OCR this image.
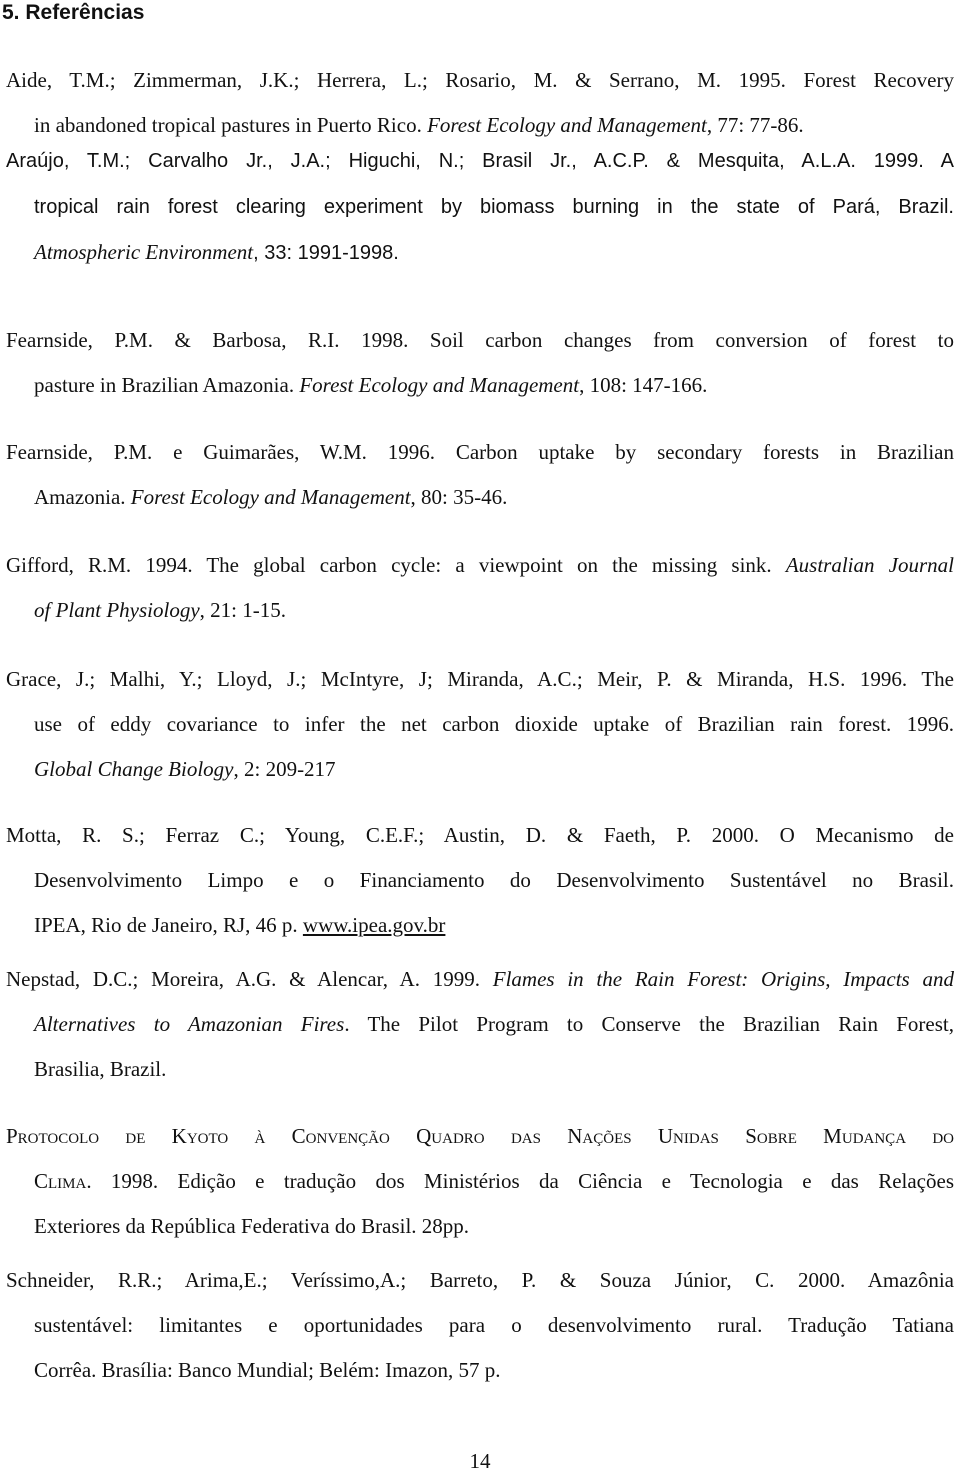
5. Referências
Aide, T.M.; Zimmerman, J.K.; Herrera, L.; Rosario, M. & Serrano, M. 1995. Forest Recovery
in abandoned tropical pastures in Puerto Rico. Forest Ecology and Management, 77: 77-86.
Araújo, T.M.; Carvalho Jr., J.A.; Higuchi, N.; Brasil Jr., A.C.P. & Mesquita, A.L.A. 1999. A
tropical rain forest clearing experiment by biomass burning in the state of Pará, Brazil.
Atmospheric Environment, 33: 1991-1998.
Fearnside, P.M. & Barbosa, R.I. 1998. Soil carbon changes from conversion of forest to
pasture in Brazilian Amazonia. Forest Ecology and Management, 108: 147-166.
Fearnside, P.M. e Guimarães, W.M. 1996. Carbon uptake by secondary forests in Brazilian
Amazonia. Forest Ecology and Management, 80: 35-46.
Gifford, R.M. 1994. The global carbon cycle: a viewpoint on the missing sink. Australian Journal
of Plant Physiology, 21: 1-15.
Grace, J.; Malhi, Y.; Lloyd, J.; McIntyre, J; Miranda, A.C.; Meir, P. & Miranda, H.S. 1996. The
use of eddy covariance to infer the net carbon dioxide uptake of Brazilian rain forest. 1996.
Global Change Biology, 2: 209-217
Motta, R. S.; Ferraz C.; Young, C.E.F.; Austin, D. & Faeth, P. 2000. O Mecanismo de
Desenvolvimento Limpo e o Financiamento do Desenvolvimento Sustentável no Brasil.
IPEA, Rio de Janeiro, RJ, 46 p. www.ipea.gov.br
Nepstad, D.C.; Moreira, A.G. & Alencar, A. 1999. Flames in the Rain Forest: Origins, Impacts and
Alternatives to Amazonian Fires. The Pilot Program to Conserve the Brazilian Rain Forest,
Brasilia, Brazil.
Protocolo de Kyoto à Convenção Quadro das Nações Unidas Sobre Mudança do
Clima. 1998. Edição e tradução dos Ministérios da Ciência e Tecnologia e das Relações
Exteriores da República Federativa do Brasil. 28pp.
Schneider, R.R.; Arima,E.; Veríssimo,A.; Barreto, P. & Souza Júnior, C. 2000. Amazônia
sustentável: limitantes e oportunidades para o desenvolvimento rural. Tradução Tatiana
Corrêa. Brasília: Banco Mundial; Belém: Imazon, 57 p.
14
